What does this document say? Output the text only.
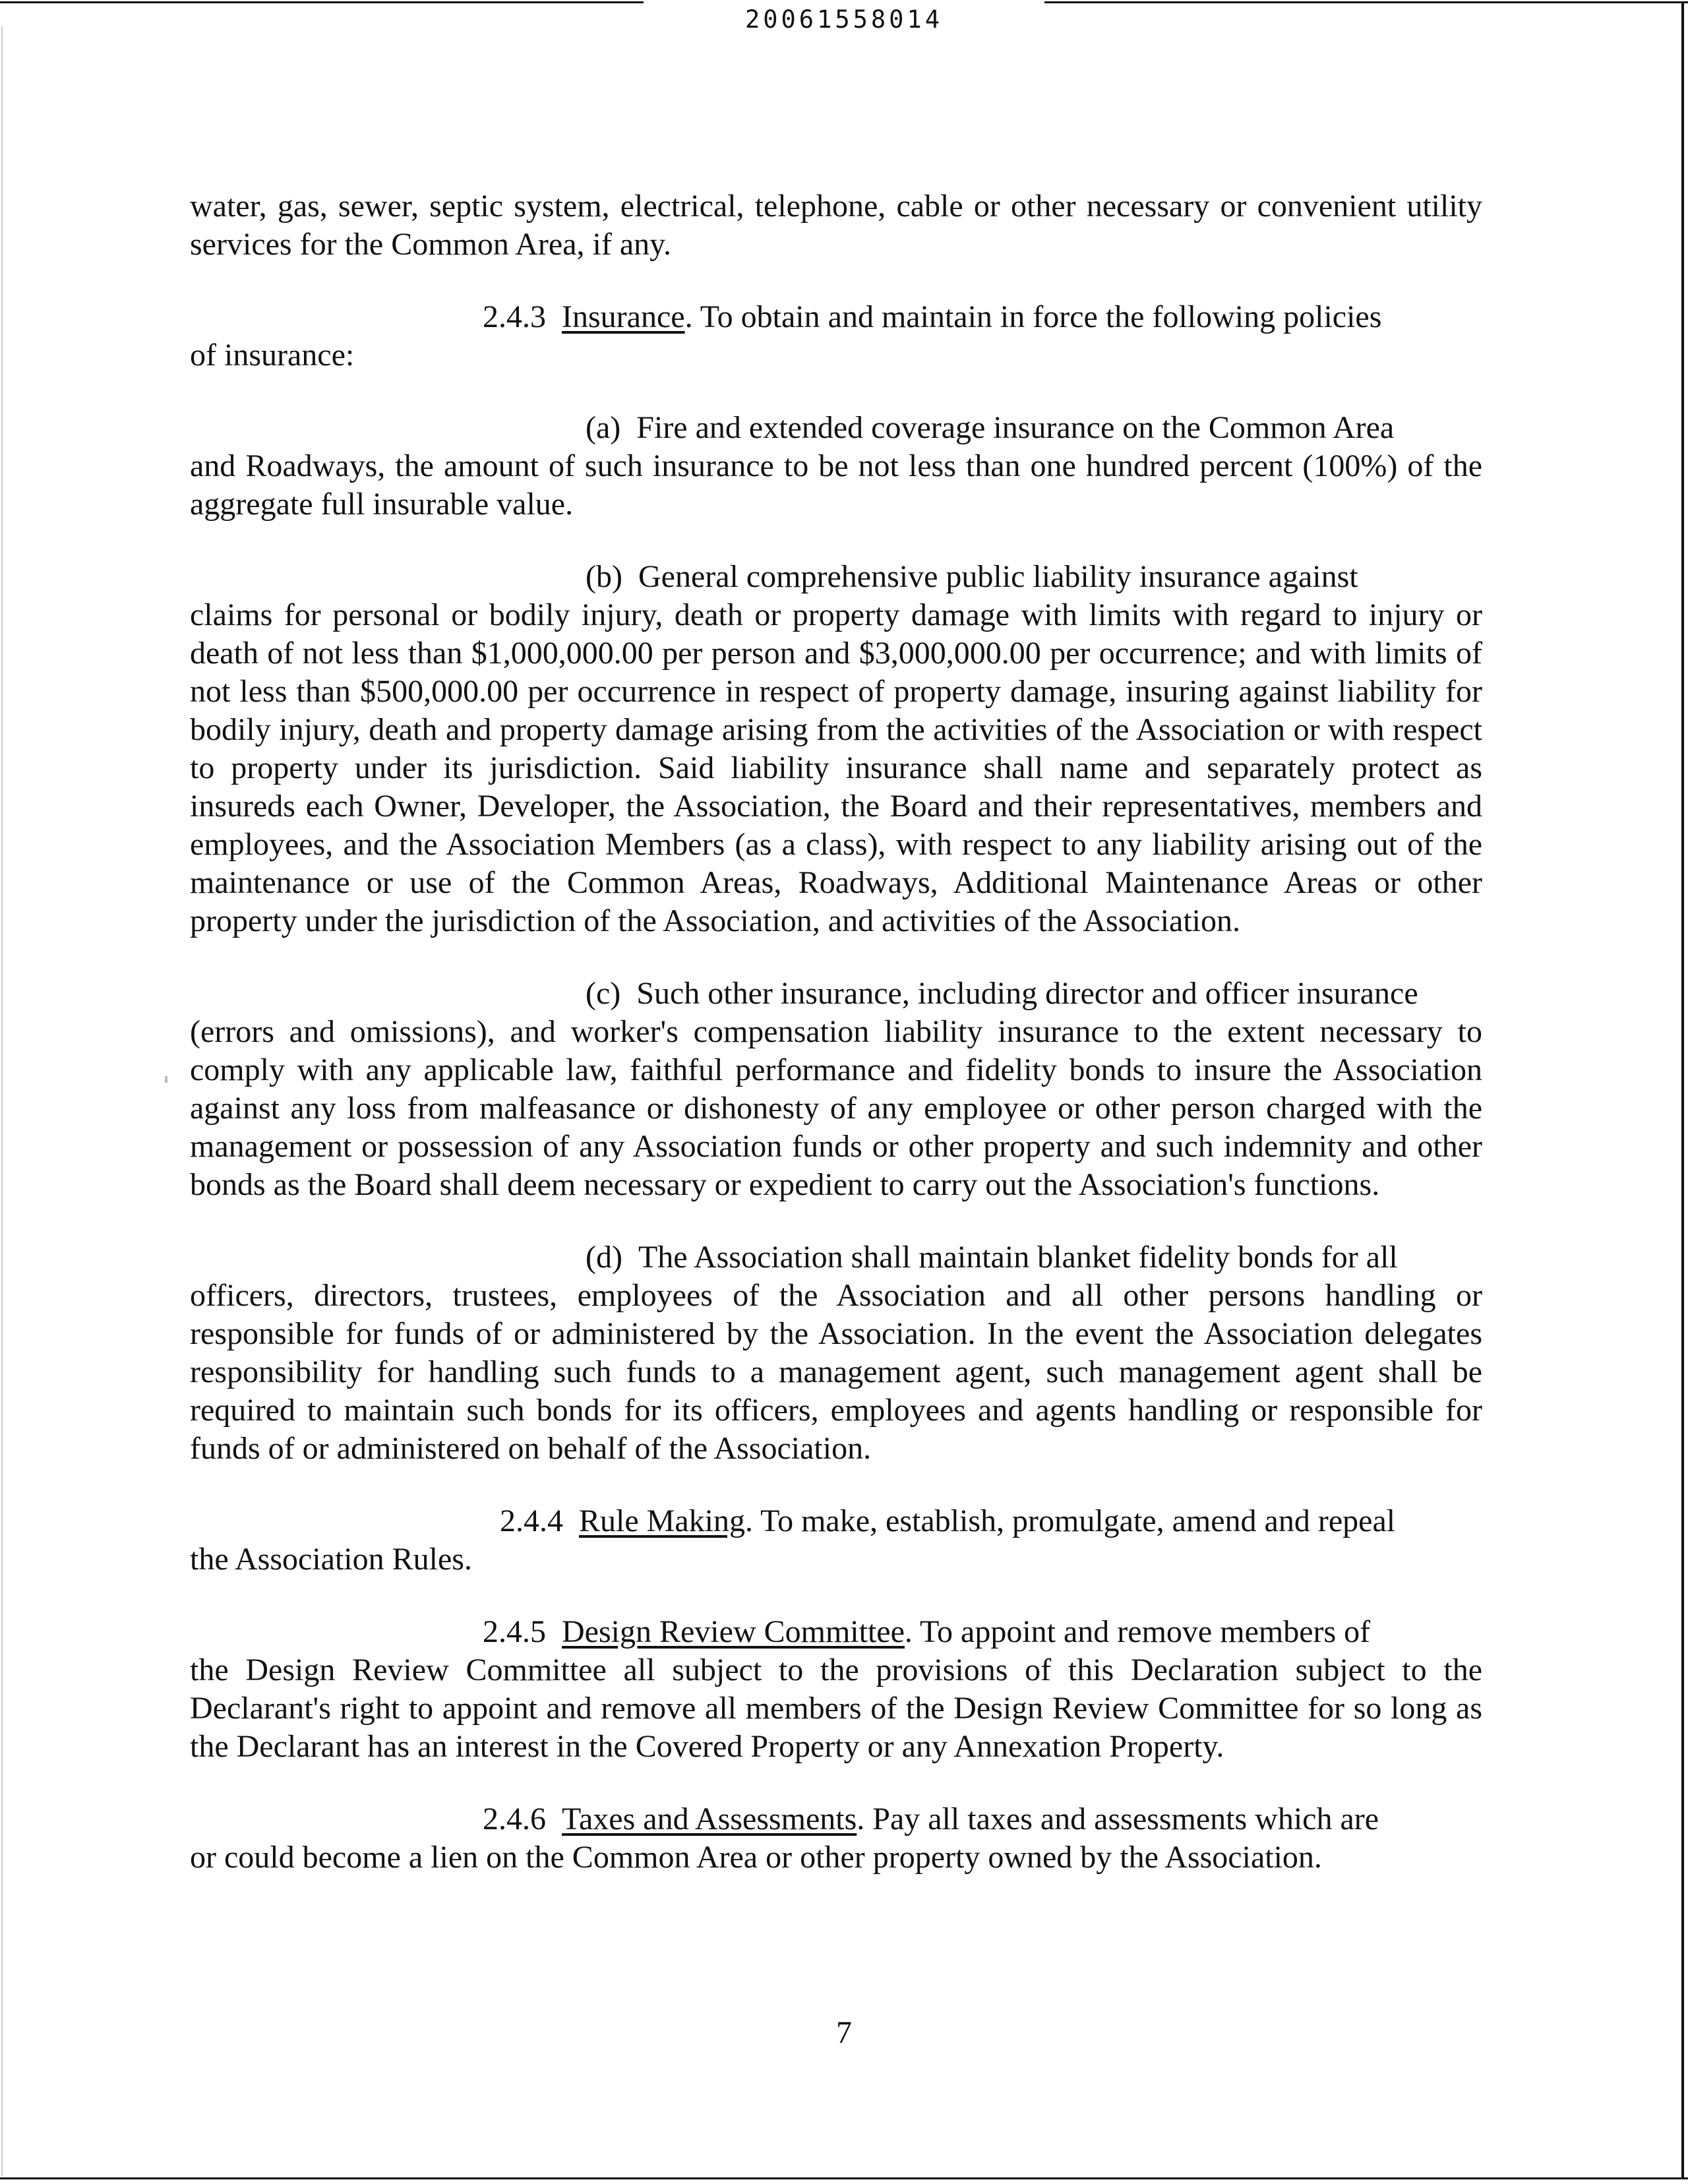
20061558014

water, gas, sewer, septic system, electrical, telephone, cable or other necessary or convenient utility services for the Common Area, if any.

2.4.3 Insurance. To obtain and maintain in force the following policies

of insurance:

(a) Fire and extended coverage insurance on the Common Area

and Roadways, the amount of such insurance to be not less than one hundred percent (100%) of the aggregate full insurable value.

(b) General comprehensive public liability insurance against

claims for personal or bodily injury, death or property damage with limits with regard to injury or death of not less than $1,000,000.00 per person and $3,000,000.00 per occurrence; and with limits of not less than $500,000.00 per occurrence in respect of property damage, insuring against liability for bodily injury, death and property damage arising from the activities of the Association or with respect to property under its jurisdiction. Said liability insurance shall name and separately protect as insureds each Owner, Developer, the Association, the Board and their representatives, members and employees, and the Association Members (as a class), with respect to any liability arising out of the maintenance or use of the Common Areas, Roadways, Additional Maintenance Areas or other property under the jurisdiction of the Association, and activities of the Association.

(c) Such other insurance, including director and officer insurance

(errors and omissions), and worker's compensation liability insurance to the extent necessary to comply with any applicable law, faithful performance and fidelity bonds to insure the Association against any loss from malfeasance or dishonesty of any employee or other person charged with the management or possession of any Association funds or other property and such indemnity and other bonds as the Board shall deem necessary or expedient to carry out the Association's functions.

(d) The Association shall maintain blanket fidelity bonds for all

officers, directors, trustees, employees of the Association and all other persons handling or responsible for funds of or administered by the Association. In the event the Association delegates responsibility for handling such funds to a management agent, such management agent shall be required to maintain such bonds for its officers, employees and agents handling or responsible for funds of or administered on behalf of the Association.

2.4.4 Rule Making. To make, establish, promulgate, amend and repeal

the Association Rules.

2.4.5 Design Review Committee. To appoint and remove members of

the Design Review Committee all subject to the provisions of this Declaration subject to the Declarant's right to appoint and remove all members of the Design Review Committee for so long as the Declarant has an interest in the Covered Property or any Annexation Property.

2.4.6 Taxes and Assessments. Pay all taxes and assessments which are

or could become a lien on the Common Area or other property owned by the Association.

7
